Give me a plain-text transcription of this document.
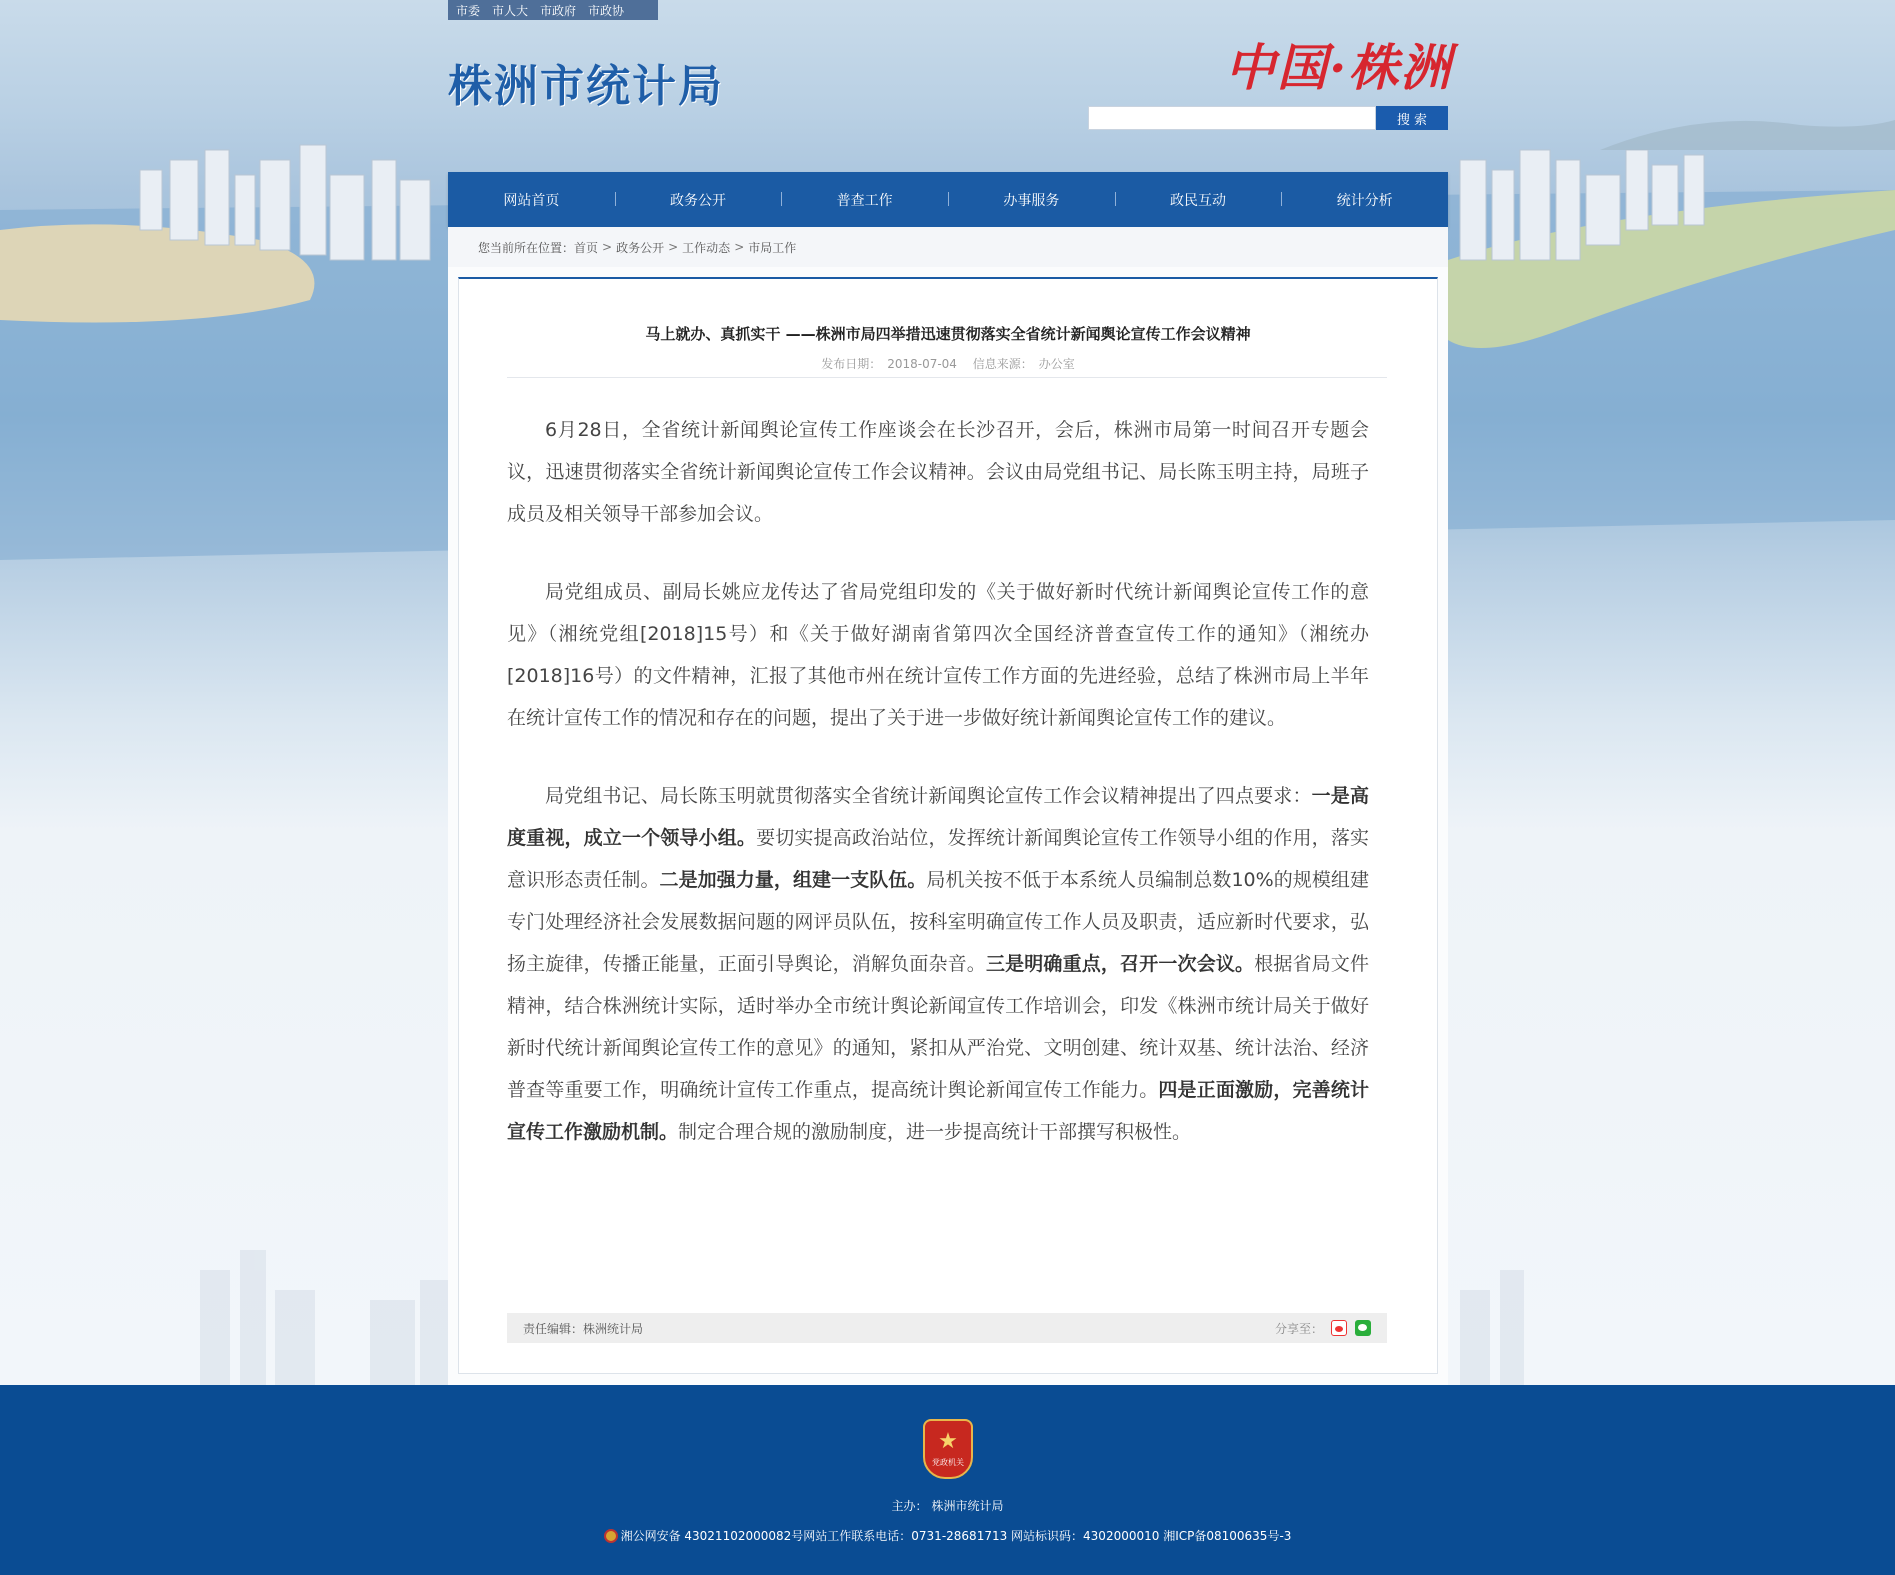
市委 市人大 市政府 市政协
株洲市统计局	中国·株洲
搜 索
网站首页	政务公开	普查工作	办事服务	政民互动	统计分析
您当前所在位置： 首页 > 政务公开 > 工作动态 > 市局工作
马上就办、真抓实干 ——株洲市局四举措迅速贯彻落实全省统计新闻舆论宣传工作会议精神
发布日期： 2018-07-04 信息来源： 办公室

6月28日，全省统计新闻舆论宣传工作座谈会在长沙召开，会后，株洲市局第一时间召开专题会议，迅速贯彻落实全省统计新闻舆论宣传工作会议精神。会议由局党组书记、局长陈玉明主持，局班子成员及相关领导干部参加会议。

局党组成员、副局长姚应龙传达了省局党组印发的《关于做好新时代统计新闻舆论宣传工作的意见》（湘统党组[2018]15号）和《关于做好湖南省第四次全国经济普查宣传工作的通知》（湘统办[2018]16号）的文件精神，汇报了其他市州在统计宣传工作方面的先进经验，总结了株洲市局上半年在统计宣传工作的情况和存在的问题，提出了关于进一步做好统计新闻舆论宣传工作的建议。

局党组书记、局长陈玉明就贯彻落实全省统计新闻舆论宣传工作会议精神提出了四点要求：一是高度重视，成立一个领导小组。要切实提高政治站位，发挥统计新闻舆论宣传工作领导小组的作用，落实意识形态责任制。二是加强力量，组建一支队伍。局机关按不低于本系统人员编制总数10%的规模组建专门处理经济社会发展数据问题的网评员队伍，按科室明确宣传工作人员及职责，适应新时代要求，弘扬主旋律，传播正能量，正面引导舆论，消解负面杂音。三是明确重点，召开一次会议。根据省局文件精神，结合株洲统计实际，适时举办全市统计舆论新闻宣传工作培训会，印发《株洲市统计局关于做好新时代统计新闻舆论宣传工作的意见》的通知，紧扣从严治党、文明创建、统计双基、统计法治、经济普查等重要工作，明确统计宣传工作重点，提高统计舆论新闻宣传工作能力。四是正面激励，完善统计宣传工作激励机制。制定合理合规的激励制度，进一步提高统计干部撰写积极性。

责任编辑： 株洲统计局	分享至：
★
党政机关
主办： 株洲市统计局
湘公网安备 43021102000082号网站工作联系电话：0731-28681713 网站标识码：4302000010 湘ICP备08100635号-3
